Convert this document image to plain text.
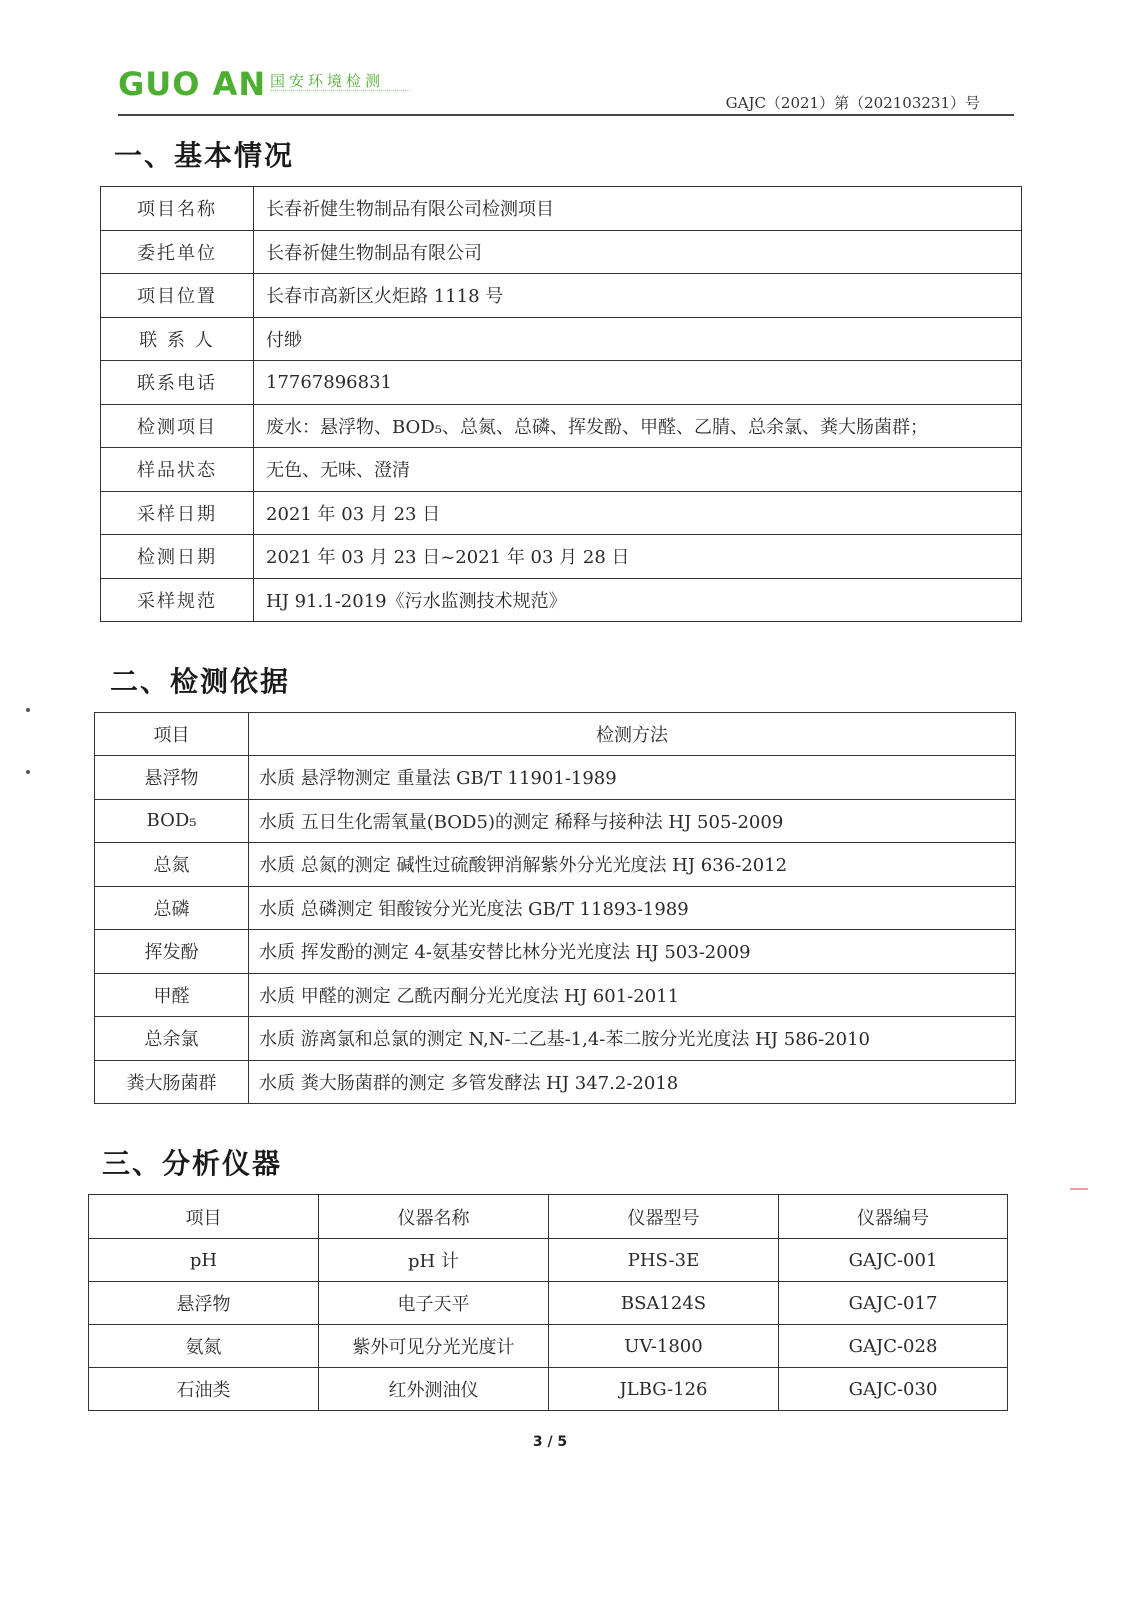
GUO AN 国安环境检测
GAJC（2021）第（202103231）号
一、基本情况
项目名称	长春祈健生物制品有限公司检测项目
委托单位	长春祈健生物制品有限公司
项目位置	长春市高新区火炬路 1118 号
联 系 人	付缈
联系电话	17767896831
检测项目	废水：悬浮物、BOD₅、总氮、总磷、挥发酚、甲醛、乙腈、总余氯、粪大肠菌群；
样品状态	无色、无味、澄清
采样日期	2021 年 03 月 23 日
检测日期	2021 年 03 月 23 日~2021 年 03 月 28 日
采样规范	HJ 91.1-2019《污水监测技术规范》
二、检测依据
项目	检测方法
悬浮物	水质 悬浮物测定 重量法 GB/T 11901-1989
BOD₅	水质 五日生化需氧量(BOD5)的测定 稀释与接种法 HJ 505-2009
总氮	水质 总氮的测定 碱性过硫酸钾消解紫外分光光度法 HJ 636-2012
总磷	水质 总磷测定 钼酸铵分光光度法 GB/T 11893-1989
挥发酚	水质 挥发酚的测定 4-氨基安替比林分光光度法 HJ 503-2009
甲醛	水质 甲醛的测定 乙酰丙酮分光光度法 HJ 601-2011
总余氯	水质 游离氯和总氯的测定 N,N-二乙基-1,4-苯二胺分光光度法 HJ 586-2010
粪大肠菌群	水质 粪大肠菌群的测定 多管发酵法 HJ 347.2-2018
三、分析仪器
项目	仪器名称	仪器型号	仪器编号
pH	pH 计	PHS-3E	GAJC-001
悬浮物	电子天平	BSA124S	GAJC-017
氨氮	紫外可见分光光度计	UV-1800	GAJC-028
石油类	红外测油仪	JLBG-126	GAJC-030
3 / 5
